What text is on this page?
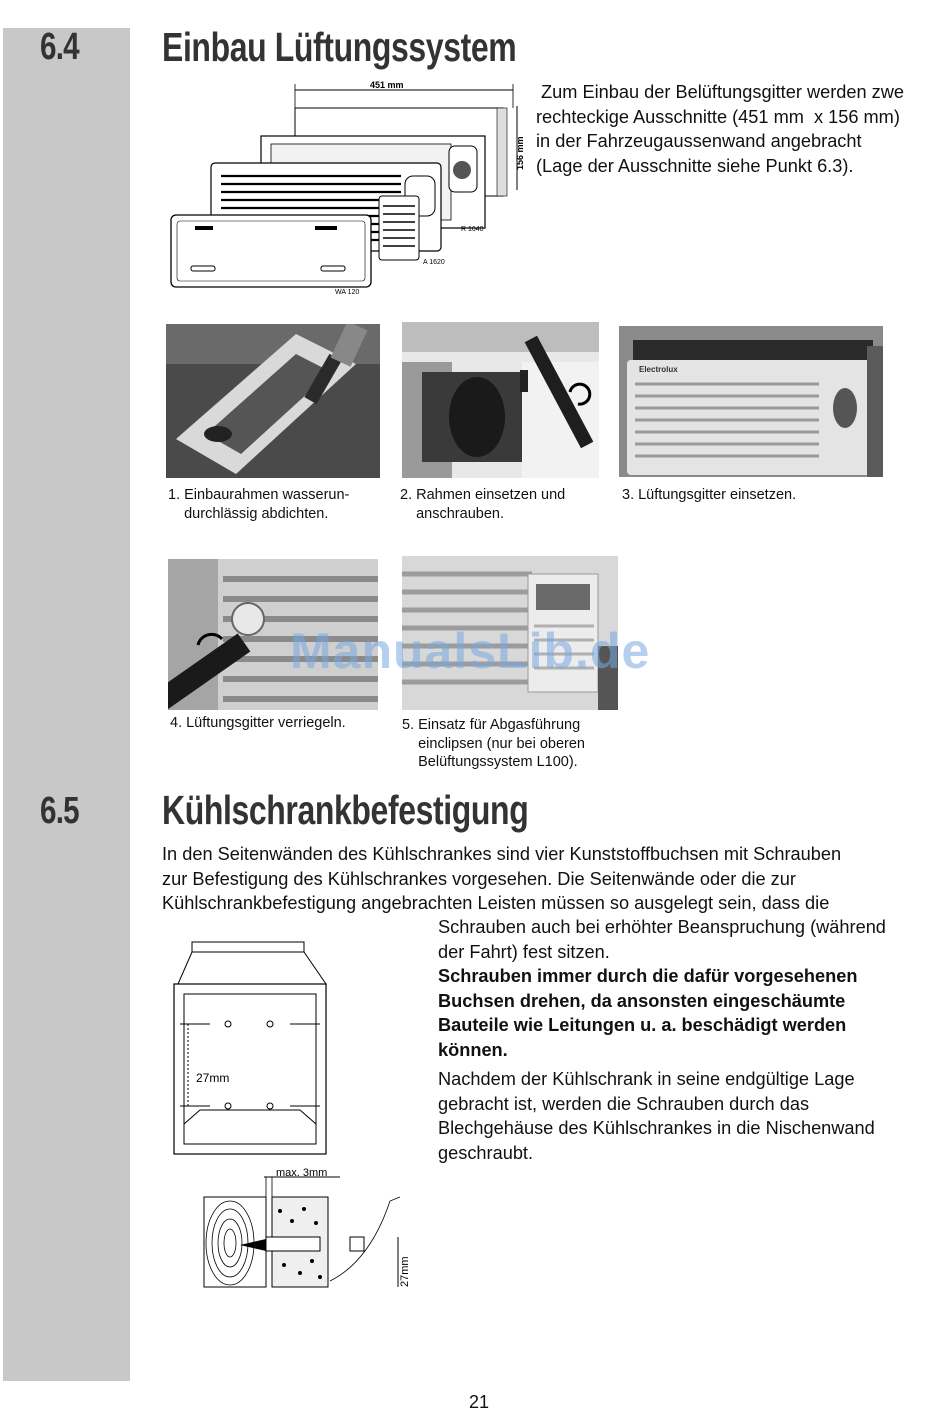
6.4 Einbau Lüftungssystem
Zum Einbau der Belüftungsgitter werden zwe
rechteckige Ausschnitte (451 mm  x 156 mm)
in der Fahrzeugaussenwand angebracht
(Lage der Ausschnitte siehe Punkt 6.3).
451 mm
156 mm
R 1640
A 1620
WA 120
Electrolux
1. Einbaurahmen wasserun-
durchlässig abdichten.
2. Rahmen einsetzen und
anschrauben.
3. Lüftungsgitter einsetzen.
4. Lüftungsgitter verriegeln.	5. Einsatz für Abgasführung
einclipsen (nur bei oberen
Belüftungssystem L100).
ManualsLib.de
6.5 Kühlschrankbefestigung
In den Seitenwänden des Kühlschrankes sind vier Kunststoffbuchsen mit Schrauben
zur Befestigung des Kühlschrankes vorgesehen. Die Seitenwände oder die zur
Kühlschrankbefestigung angebrachten Leisten müssen so ausgelegt sein, dass die
Schrauben auch bei erhöhter Beanspruchung (während
der Fahrt) fest sitzen.
Schrauben immer durch die dafür vorgesehenen
Buchsen drehen, da ansonsten eingeschäumte
Bauteile wie Leitungen u. a. beschädigt werden
können.
Nachdem der Kühlschrank in seine endgültige Lage
gebracht ist, werden die Schrauben durch das
Blechgehäuse des Kühlschrankes in die Nischenwand
geschraubt.
27mm
max. 3mm
27mm
21
